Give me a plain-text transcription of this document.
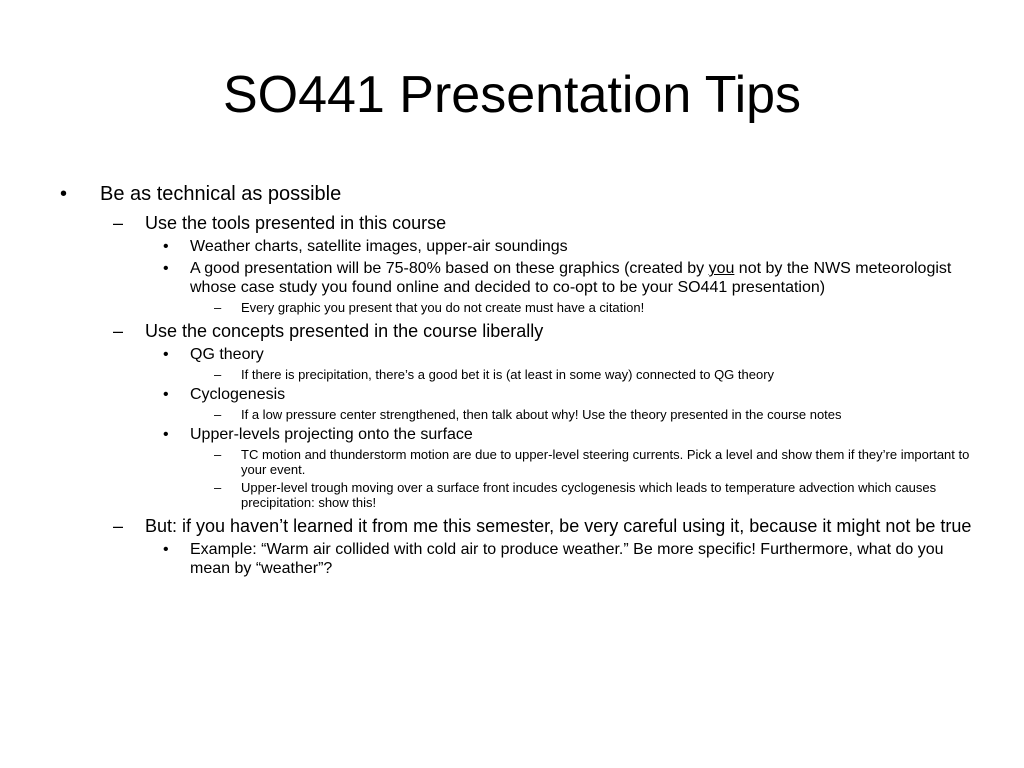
SO441 Presentation Tips
• Be as technical as possible
– Use the tools presented in this course
• Weather charts, satellite images, upper-air soundings
• A good presentation will be 75-80% based on these graphics (created by you not by the NWS meteorologist whose case study you found online and decided to co-opt to be your SO441 presentation)
– Every graphic you present that you do not create must have a citation!
– Use the concepts presented in the course liberally
• QG theory
– If there is precipitation, there’s a good bet it is (at least in some way) connected to QG theory
• Cyclogenesis
– If a low pressure center strengthened, then talk about why! Use the theory presented in the course notes
• Upper-levels projecting onto the surface
– TC motion and thunderstorm motion are due to upper-level steering currents. Pick a level and show them if they’re important to your event.
– Upper-level trough moving over a surface front incudes cyclogenesis which leads to temperature advection which causes precipitation: show this!
– But: if you haven’t learned it from me this semester, be very careful using it, because it might not be true
• Example: “Warm air collided with cold air to produce weather.” Be more specific! Furthermore, what do you mean by “weather”?
